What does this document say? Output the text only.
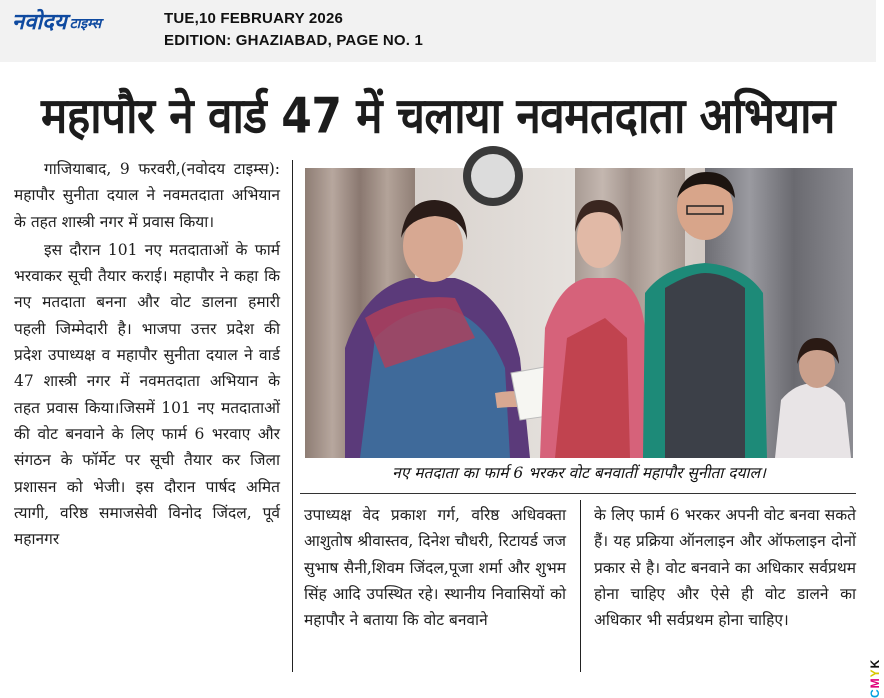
नवोदय टाइम्स	TUE,10 FEBRUARY 2026
EDITION: GHAZIABAD, PAGE NO. 1
महापौर ने वार्ड 47 में चलाया नवमतदाता अभियान

गाजियाबाद, 9 फरवरी,(नवोदय टाइम्स): महापौर सुनीता दयाल ने नवमतदाता अभियान के तहत शास्त्री नगर में प्रवास किया।

इस दौरान 101 नए मतदाताओं के फार्म भरवाकर सूची तैयार कराई। महापौर ने कहा कि नए मतदाता बनना और वोट डालना हमारी पहली जिम्मेदारी है। भाजपा उत्तर प्रदेश की प्रदेश उपाध्यक्ष व महापौर सुनीता दयाल ने वार्ड 47 शास्त्री नगर में नवमतदाता अभियान के तहत प्रवास किया।जिसमें 101 नए मतदाताओं की वोट बनवाने के लिए फार्म 6 भरवाए और संगठन के फॉर्मेट पर सूची तैयार कर जिला प्रशासन को भेजी। इस दौरान पार्षद अमित त्यागी, वरिष्ठ समाजसेवी विनोद जिंदल, पूर्व महानगर

नए मतदाता का फार्म 6 भरकर वोट बनवातीं महापौर सुनीता दयाल।

उपाध्यक्ष वेद प्रकाश गर्ग, वरिष्ठ अधिवक्ता आशुतोष श्रीवास्तव, दिनेश चौधरी, रिटायर्ड जज सुभाष सैनी,शिवम जिंदल,पूजा शर्मा और शुभम सिंह आदि उपस्थित रहे। स्थानीय निवासियों को महापौर ने बताया कि वोट बनवाने

के लिए फार्म 6 भरकर अपनी वोट बनवा सकते हैं। यह प्रक्रिया ऑनलाइन और ऑफलाइन दोनों प्रकार से है। वोट बनवाने का अधिकार सर्वप्रथम होना चाहिए और ऐसे ही वोट डालने का अधिकार भी सर्वप्रथम होना चाहिए।

CMYK
